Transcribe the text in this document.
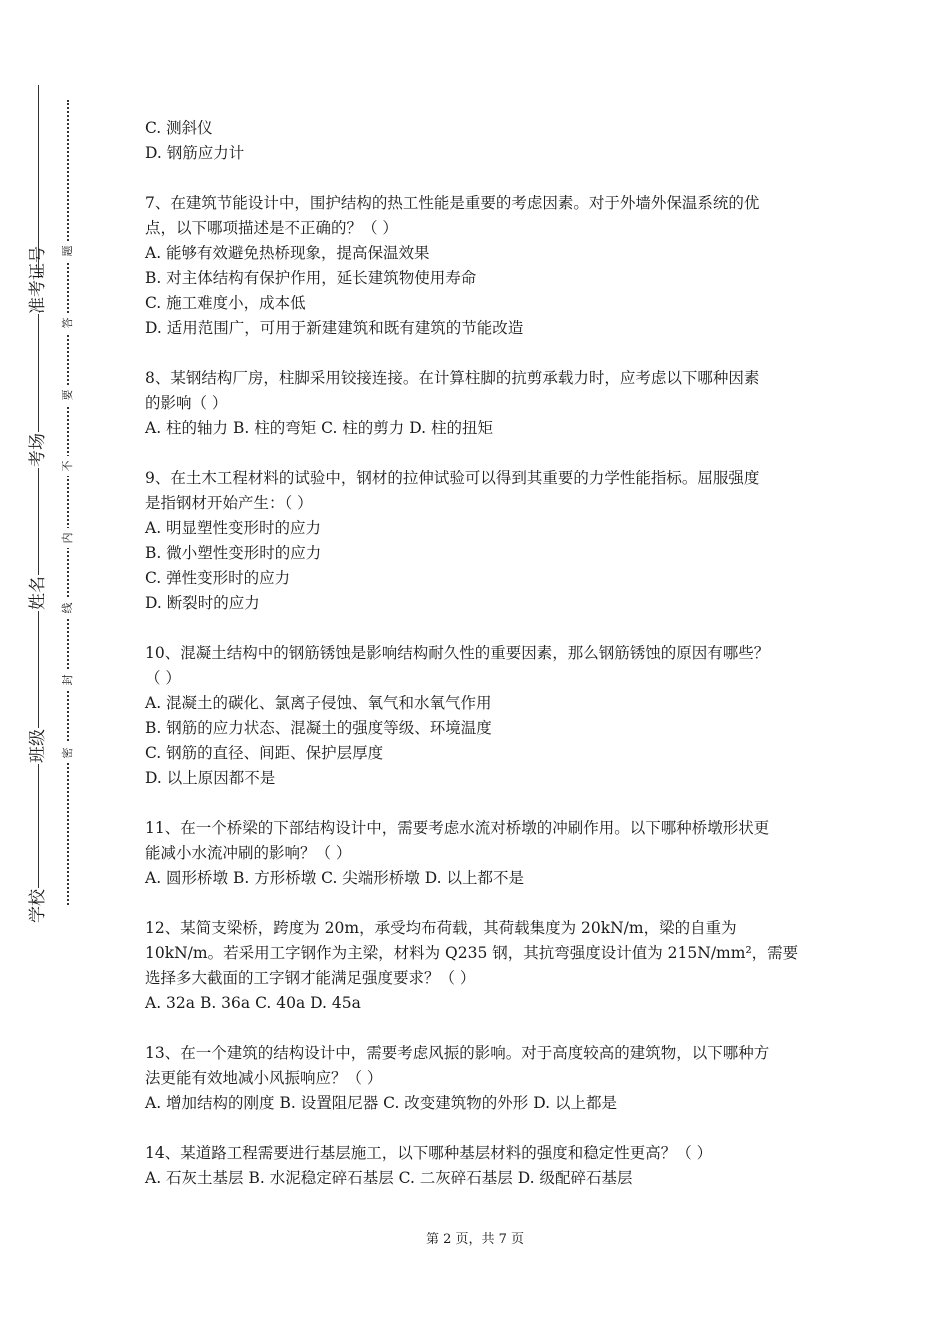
学校
班级
姓名
考场
准考证号
密
封
线
内
不
要
答
题

C. 测斜仪

D. 钢筋应力计

7、在建筑节能设计中，围护结构的热工性能是重要的考虑因素。对于外墙外保温系统的优

点，以下哪项描述是不正确的？（ ）

A. 能够有效避免热桥现象，提高保温效果

B. 对主体结构有保护作用，延长建筑物使用寿命

C. 施工难度小，成本低

D. 适用范围广，可用于新建建筑和既有建筑的节能改造

8、某钢结构厂房，柱脚采用铰接连接。在计算柱脚的抗剪承载力时，应考虑以下哪种因素

的影响（ ）

A. 柱的轴力 B. 柱的弯矩 C. 柱的剪力 D. 柱的扭矩

9、在土木工程材料的试验中，钢材的拉伸试验可以得到其重要的力学性能指标。屈服强度

是指钢材开始产生：（ ）

A. 明显塑性变形时的应力

B. 微小塑性变形时的应力

C. 弹性变形时的应力

D. 断裂时的应力

10、混凝土结构中的钢筋锈蚀是影响结构耐久性的重要因素，那么钢筋锈蚀的原因有哪些？

（ ）

A. 混凝土的碳化、氯离子侵蚀、氧气和水氧气作用

B. 钢筋的应力状态、混凝土的强度等级、环境温度

C. 钢筋的直径、间距、保护层厚度

D. 以上原因都不是

11、在一个桥梁的下部结构设计中，需要考虑水流对桥墩的冲刷作用。以下哪种桥墩形状更

能减小水流冲刷的影响？（ ）

A. 圆形桥墩 B. 方形桥墩 C. 尖端形桥墩 D. 以上都不是

12、某简支梁桥，跨度为 20m，承受均布荷载，其荷载集度为 20kN/m，梁的自重为

10kN/m。若采用工字钢作为主梁，材料为 Q235 钢，其抗弯强度设计值为 215N/mm²，需要

选择多大截面的工字钢才能满足强度要求？（ ）

A. 32a B. 36a C. 40a D. 45a

13、在一个建筑的结构设计中，需要考虑风振的影响。对于高度较高的建筑物，以下哪种方

法更能有效地减小风振响应？（ ）

A. 增加结构的刚度 B. 设置阻尼器 C. 改变建筑物的外形 D. 以上都是

14、某道路工程需要进行基层施工，以下哪种基层材料的强度和稳定性更高？（ ）

A. 石灰土基层 B. 水泥稳定碎石基层 C. 二灰碎石基层 D. 级配碎石基层

第 2 页，共 7 页
